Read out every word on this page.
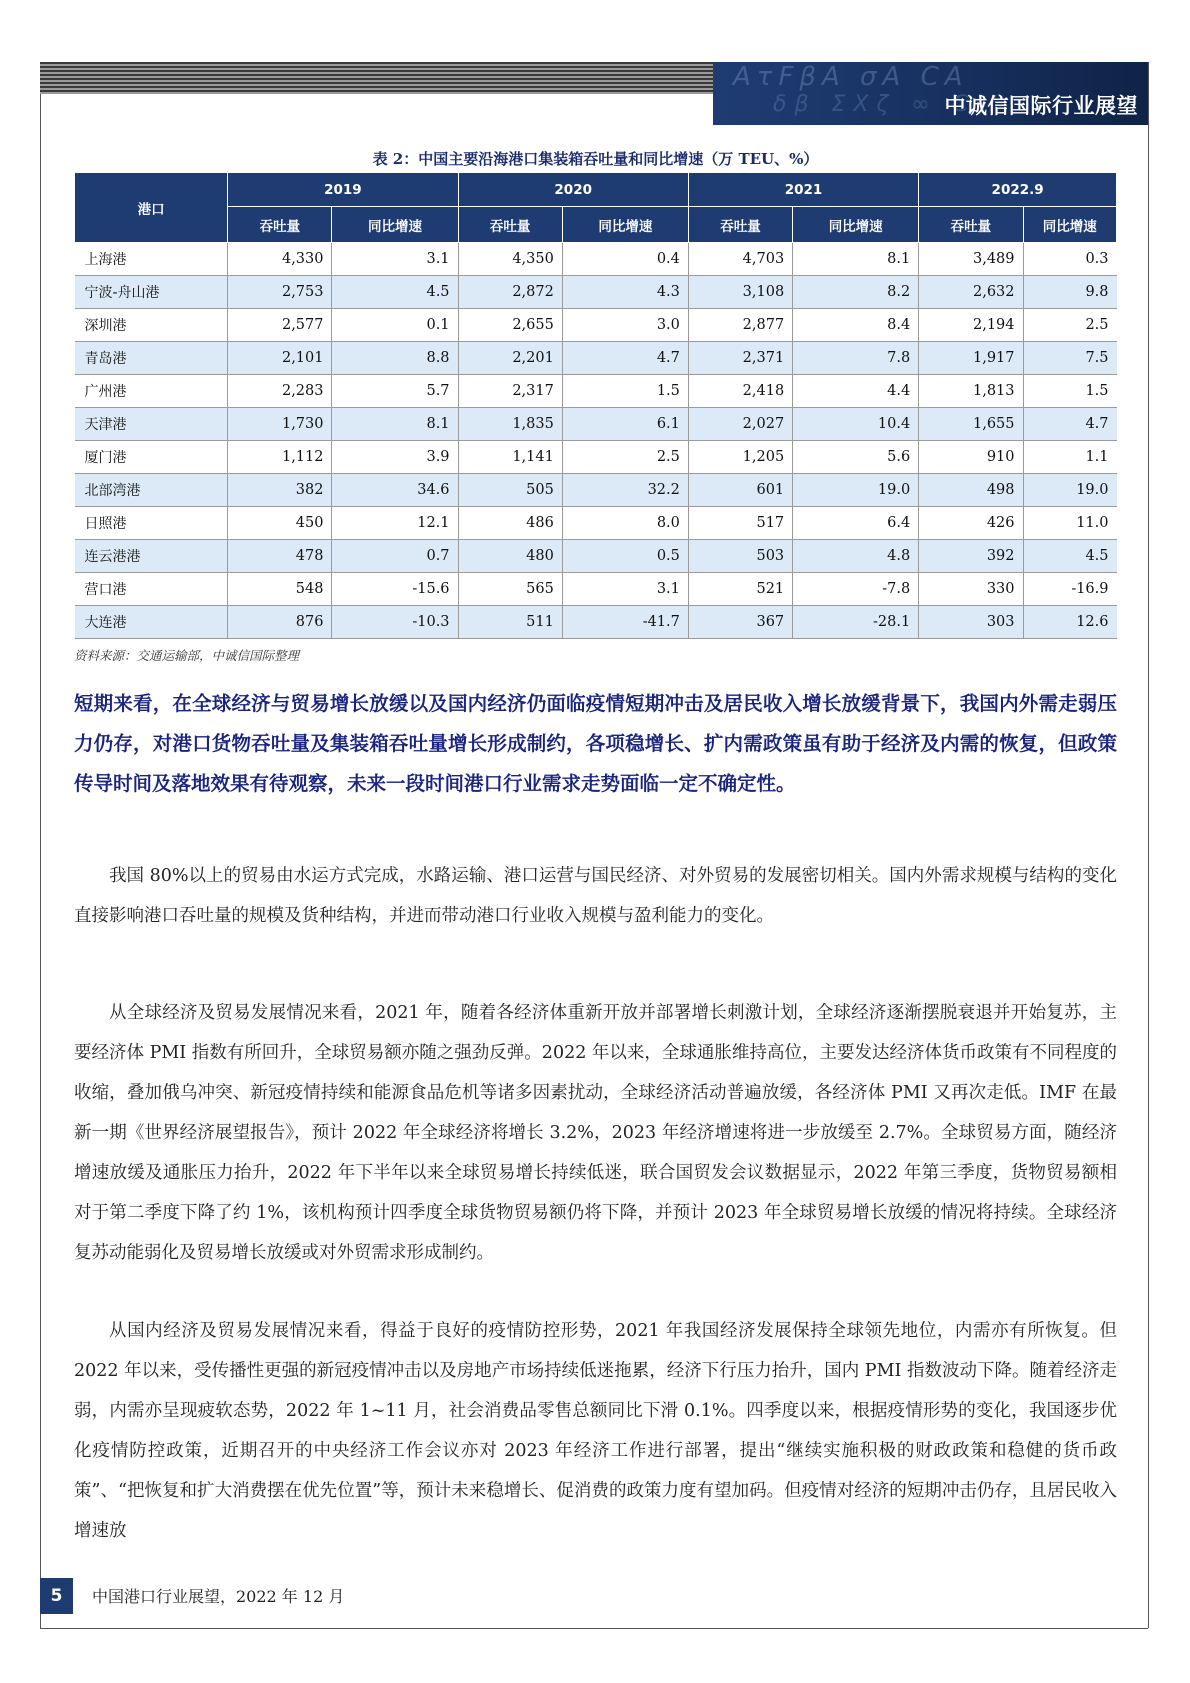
AτFβA σA CA
δβ ΣXζ ∞ C
中诚信国际行业展望
表 2：中国主要沿海港口集装箱吞吐量和同比增速（万 TEU、%）
港口	2019		2020		2021		2022.9	
	吞吐量	同比增速	吞吐量	同比增速	吞吐量	同比增速	吞吐量	同比增速
上海港	4,330	3.1	4,350	0.4	4,703	8.1	3,489	0.3
宁波-舟山港	2,753	4.5	2,872	4.3	3,108	8.2	2,632	9.8
深圳港	2,577	0.1	2,655	3.0	2,877	8.4	2,194	2.5
青岛港	2,101	8.8	2,201	4.7	2,371	7.8	1,917	7.5
广州港	2,283	5.7	2,317	1.5	2,418	4.4	1,813	1.5
天津港	1,730	8.1	1,835	6.1	2,027	10.4	1,655	4.7
厦门港	1,112	3.9	1,141	2.5	1,205	5.6	910	1.1
北部湾港	382	34.6	505	32.2	601	19.0	498	19.0
日照港	450	12.1	486	8.0	517	6.4	426	11.0
连云港港	478	0.7	480	0.5	503	4.8	392	4.5
营口港	548	-15.6	565	3.1	521	-7.8	330	-16.9
大连港	876	-10.3	511	-41.7	367	-28.1	303	12.6
资料来源：交通运输部，中诚信国际整理
短期来看，在全球经济与贸易增长放缓以及国内经济仍面临疫情短期冲击及居民收入增长放缓背景下，我国内外需走弱压力仍存，对港口货物吞吐量及集装箱吞吐量增长形成制约，各项稳增长、扩内需政策虽有助于经济及内需的恢复，但政策传导时间及落地效果有待观察，未来一段时间港口行业需求走势面临一定不确定性。
我国 80%以上的贸易由水运方式完成，水路运输、港口运营与国民经济、对外贸易的发展密切相关。国内外需求规模与结构的变化直接影响港口吞吐量的规模及货种结构，并进而带动港口行业收入规模与盈利能力的变化。
从全球经济及贸易发展情况来看，2021 年，随着各经济体重新开放并部署增长刺激计划，全球经济逐渐摆脱衰退并开始复苏，主要经济体 PMI 指数有所回升，全球贸易额亦随之强劲反弹。2022 年以来，全球通胀维持高位，主要发达经济体货币政策有不同程度的收缩，叠加俄乌冲突、新冠疫情持续和能源食品危机等诸多因素扰动，全球经济活动普遍放缓，各经济体 PMI 又再次走低。IMF 在最新一期《世界经济展望报告》，预计 2022 年全球经济将增长 3.2%，2023 年经济增速将进一步放缓至 2.7%。全球贸易方面，随经济增速放缓及通胀压力抬升，2022 年下半年以来全球贸易增长持续低迷，联合国贸发会议数据显示，2022 年第三季度，货物贸易额相对于第二季度下降了约 1%，该机构预计四季度全球货物贸易额仍将下降，并预计 2023 年全球贸易增长放缓的情况将持续。全球经济复苏动能弱化及贸易增长放缓或对外贸需求形成制约。
从国内经济及贸易发展情况来看，得益于良好的疫情防控形势，2021 年我国经济发展保持全球领先地位，内需亦有所恢复。但 2022 年以来，受传播性更强的新冠疫情冲击以及房地产市场持续低迷拖累，经济下行压力抬升，国内 PMI 指数波动下降。随着经济走弱，内需亦呈现疲软态势，2022 年 1~11 月，社会消费品零售总额同比下滑 0.1%。四季度以来，根据疫情形势的变化，我国逐步优化疫情防控政策，近期召开的中央经济工作会议亦对 2023 年经济工作进行部署，提出“继续实施积极的财政政策和稳健的货币政策”、“把恢复和扩大消费摆在优先位置”等，预计未来稳增长、促消费的政策力度有望加码。但疫情对经济的短期冲击仍存，且居民收入增速放
5	中国港口行业展望，2022 年 12 月
